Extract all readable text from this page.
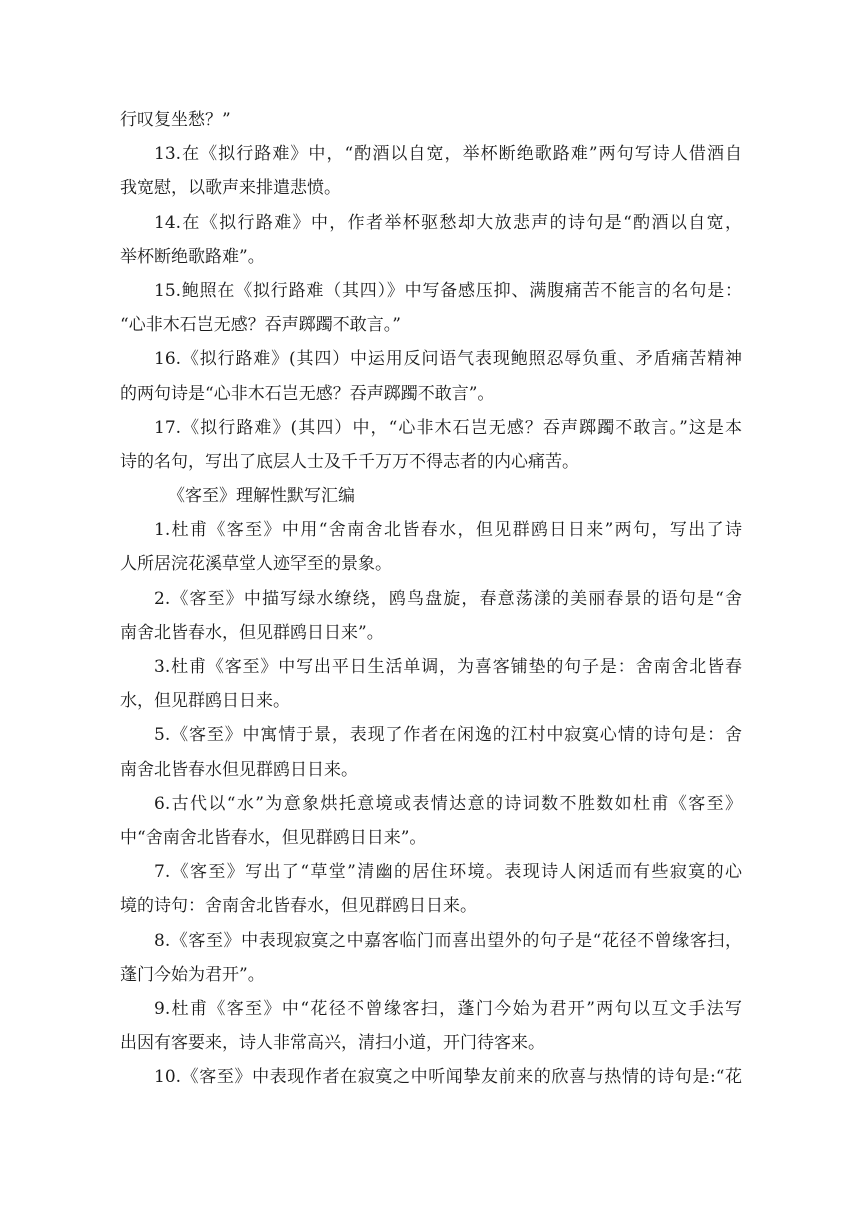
行叹复坐愁？”
13.在《拟行路难》中，“酌酒以自宽，举杯断绝歌路难”两句写诗人借酒自
我宽慰，以歌声来排遣悲愤。
14.在《拟行路难》中，作者举杯驱愁却大放悲声的诗句是“酌酒以自宽，
举杯断绝歌路难”。
15.鲍照在《拟行路难（其四）》中写备感压抑、满腹痛苦不能言的名句是：
“心非木石岂无感？吞声踯躅不敢言。”
16.《拟行路难》(其四）中运用反问语气表现鲍照忍辱负重、矛盾痛苦精神
的两句诗是“心非木石岂无感？吞声踯躅不敢言”。
17.《拟行路难》(其四）中，“心非木石岂无感？吞声踯躅不敢言。”这是本
诗的名句，写出了底层人士及千千万万不得志者的内心痛苦。
《客至》理解性默写汇编
1.杜甫《客至》中用“舍南舍北皆春水，但见群鸥日日来”两句，写出了诗
人所居浣花溪草堂人迹罕至的景象。
2.《客至》中描写绿水缭绕，鸥鸟盘旋，春意荡漾的美丽春景的语句是“舍
南舍北皆春水，但见群鸥日日来”。
3.杜甫《客至》中写出平日生活单调，为喜客铺垫的句子是：舍南舍北皆春
水，但见群鸥日日来。
5.《客至》中寓情于景，表现了作者在闲逸的江村中寂寞心情的诗句是：舍
南舍北皆春水但见群鸥日日来。
6.古代以“水”为意象烘托意境或表情达意的诗词数不胜数如杜甫《客至》
中“舍南舍北皆春水，但见群鸥日日来”。
7.《客至》写出了“草堂”清幽的居住环境。表现诗人闲适而有些寂寞的心
境的诗句：舍南舍北皆春水，但见群鸥日日来。
8.《客至》中表现寂寞之中嘉客临门而喜出望外的句子是“花径不曾缘客扫，
蓬门今始为君开”。
9.杜甫《客至》中“花径不曾缘客扫，蓬门今始为君开”两句以互文手法写
出因有客要来，诗人非常高兴，清扫小道，开门待客来。
10.《客至》中表现作者在寂寞之中听闻挚友前来的欣喜与热情的诗句是:“花
